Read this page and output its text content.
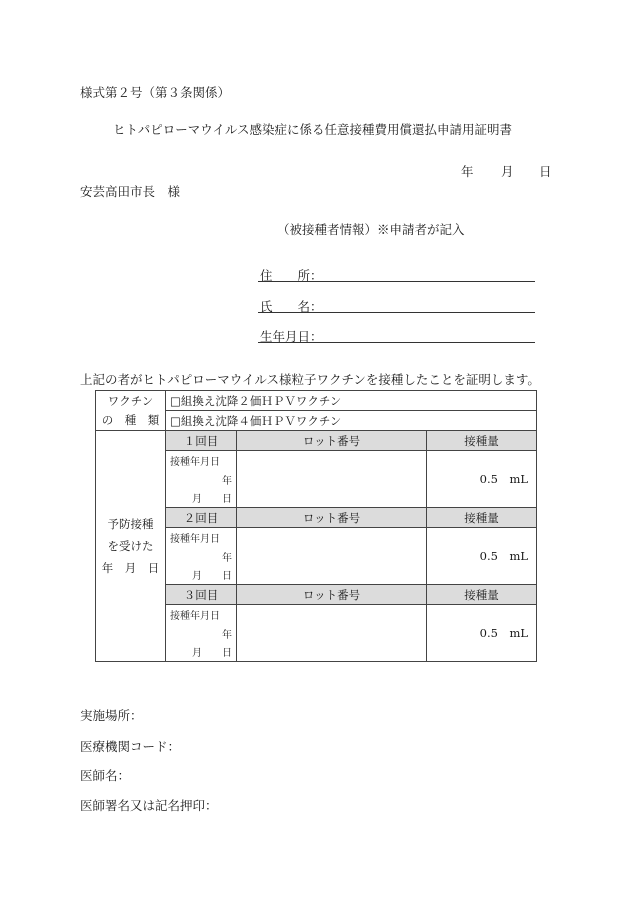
様式第２号（第３条関係）
ヒトパピローマウイルス感染症に係る任意接種費用償還払申請用証明書
年 月 日
安芸高田市長　様
（被接種者情報）※申請者が記入
住　　所：
氏　　名：
生年月日：
上記の者がヒトパピローマウイルス様粒子ワクチンを接種したことを証明します。
ワクチン	□組換え沈降２価ＨＰＶワクチン		
の　種　類	□組換え沈降４価ＨＰＶワクチン		

予防接種
を受けた
年　月　日	１回目	ロット番号	接種量
	接種年月日		0.5　mL
	年		
	月　　日		
	２回目	ロット番号	接種量
	接種年月日		0.5　mL
	年		
	月　　日		
	３回目	ロット番号	接種量
	接種年月日		0.5　mL
	年		
	月　　日		
実施場所：
医療機関コード：
医師名：
医師署名又は記名押印：
